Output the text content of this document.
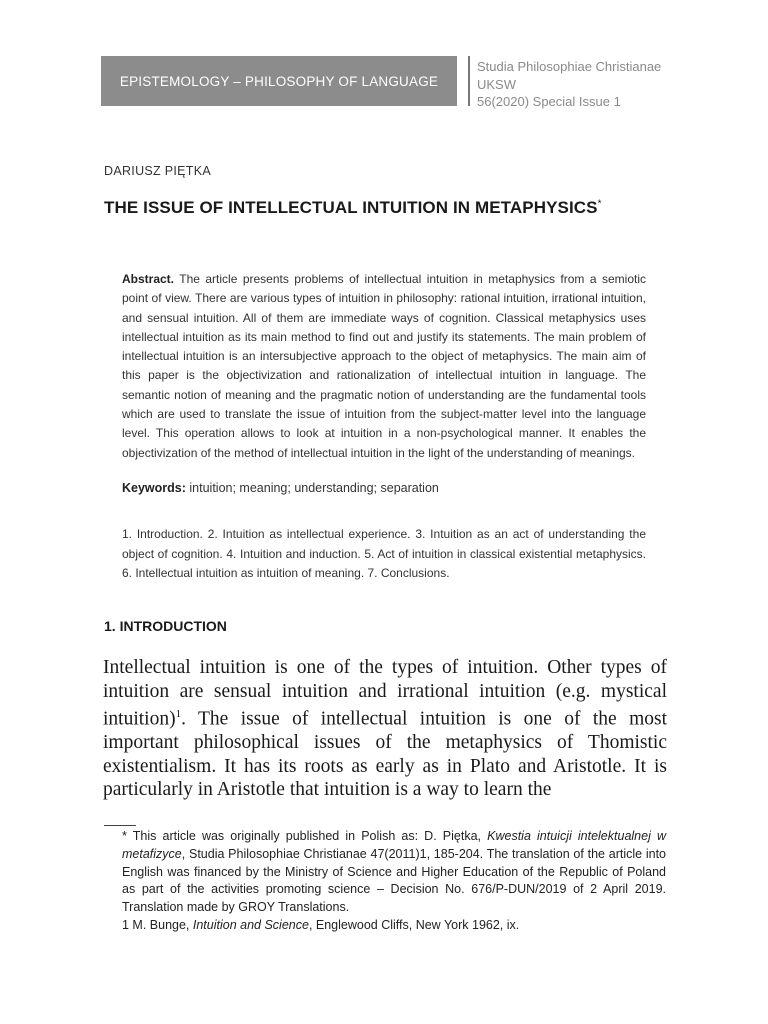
EPISTEMOLOGY – PHILOSOPHY OF LANGUAGE
Studia Philosophiae Christianae
UKSW
56(2020) Special Issue 1
DARIUSZ PIĘTKA
THE ISSUE OF INTELLECTUAL INTUITION IN METAPHYSICS*

Abstract. The article presents problems of intellectual intuition in metaphysics from a semiotic point of view. There are various types of intuition in philosophy: rational intuition, irrational intuition, and sensual intuition. All of them are immediate ways of cognition. Classical metaphysics uses intellectual intuition as its main method to find out and justify its statements. The main problem of intellectual intuition is an intersubjective approach to the object of metaphysics. The main aim of this paper is the objectivization and rationalization of intellectual intuition in language. The semantic notion of meaning and the pragmatic notion of understanding are the fundamental tools which are used to translate the issue of intuition from the subject-matter level into the language level. This operation allows to look at intuition in a non-psychological manner. It enables the objectivization of the method of intellectual intuition in the light of the understanding of meanings.

Keywords: intuition; meaning; understanding; separation

1. Introduction. 2. Intuition as intellectual experience. 3. Intuition as an act of understanding the object of cognition. 4. Intuition and induction. 5. Act of intuition in classical existential metaphysics. 6. Intellectual intuition as intuition of meaning. 7. Conclusions.

1. INTRODUCTION

Intellectual intuition is one of the types of intuition. Other types of intuition are sensual intuition and irrational intuition (e.g. mystical intuition)$^1$. The issue of intellectual intuition is one of the most important philosophical issues of the metaphysics of Thomistic existentialism. It has its roots as early as in Plato and Aristotle. It is particularly in Aristotle that intuition is a way to learn the

* This article was originally published in Polish as: D. Piętka, Kwestia intuicji intelektualnej w metafizyce, Studia Philosophiae Christianae 47(2011)1, 185-204. The translation of the article into English was financed by the Ministry of Science and Higher Education of the Republic of Poland as part of the activities promoting science – Decision No. 676/P-DUN/2019 of 2 April 2019. Translation made by GROY Translations.

1 M. Bunge, Intuition and Science, Englewood Cliffs, New York 1962, ix.
